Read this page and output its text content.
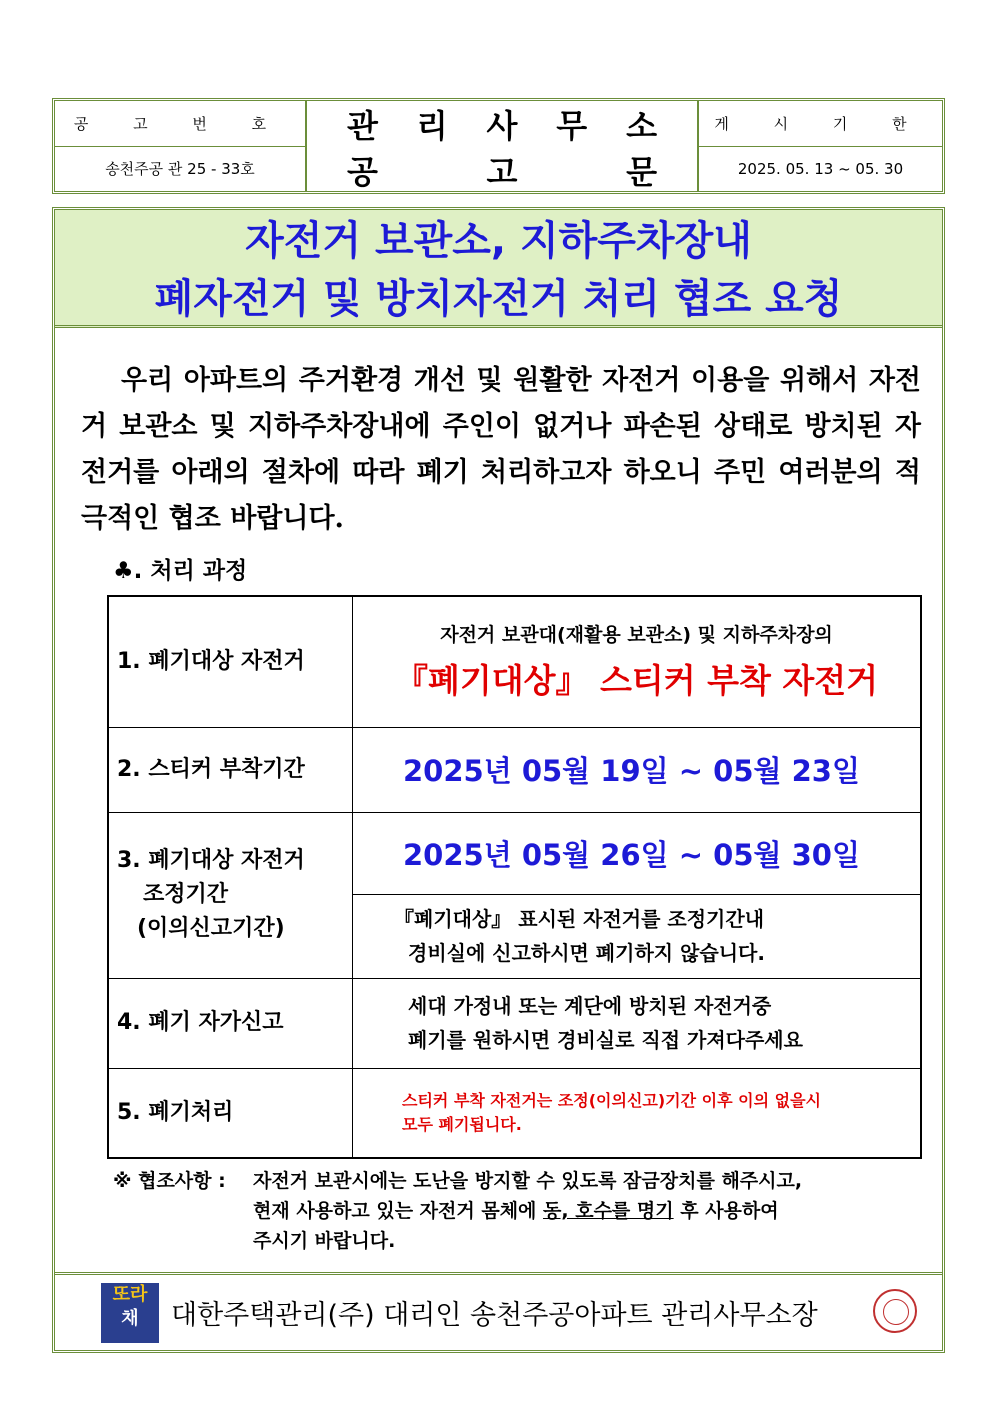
공 고 번 호
송천주공 관 25 - 33호
관 리 사 무 소
공	고	문
게 시 기 한
2025. 05. 13 ~ 05. 30
자전거 보관소, 지하주차장내
폐자전거 및 방치자전거 처리 협조 요청
우리 아파트의 주거환경 개선 및 원활한 자전거 이용을 위해서 자전거 보관소 및 지하주차장내에 주인이 없거나 파손된 상태로 방치된 자전거를 아래의 절차에 따라 폐기 처리하고자 하오니 주민 여러분의 적극적인 협조 바랍니다.
♣. 처리 과정
1. 폐기대상 자전거	자전거 보관대(재활용 보관소) 및 지하주차장의
『폐기대상』 스티커 부착 자전거

2. 스티커 부착기간	2025년 05월 19일 ~ 05월 23일

3. 폐기대상 자전거
조정기간
(이의신고기간)	2025년 05월 26일 ~ 05월 30일

	『폐기대상』 표시된 자전거를 조정기간내
경비실에 신고하시면 폐기하지 않습니다.

4. 폐기 자가신고	세대 가정내 또는 계단에 방치된 자전거중
폐기를 원하시면 경비실로 직접 가져다주세요

5. 폐기처리	스티커 부착 자전거는 조정(이의신고)기간 이후 이의 없을시
모두 폐기됩니다.
※ 협조사항 :	자전거 보관시에는 도난을 방지할 수 있도록 잠금장치를 해주시고,
현재 사용하고 있는 자전거 몸체에 동, 호수를 명기 후 사용하여
주시기 바랍니다.
또라
채	대한주택관리(주) 대리인 송천주공아파트 관리사무소장
